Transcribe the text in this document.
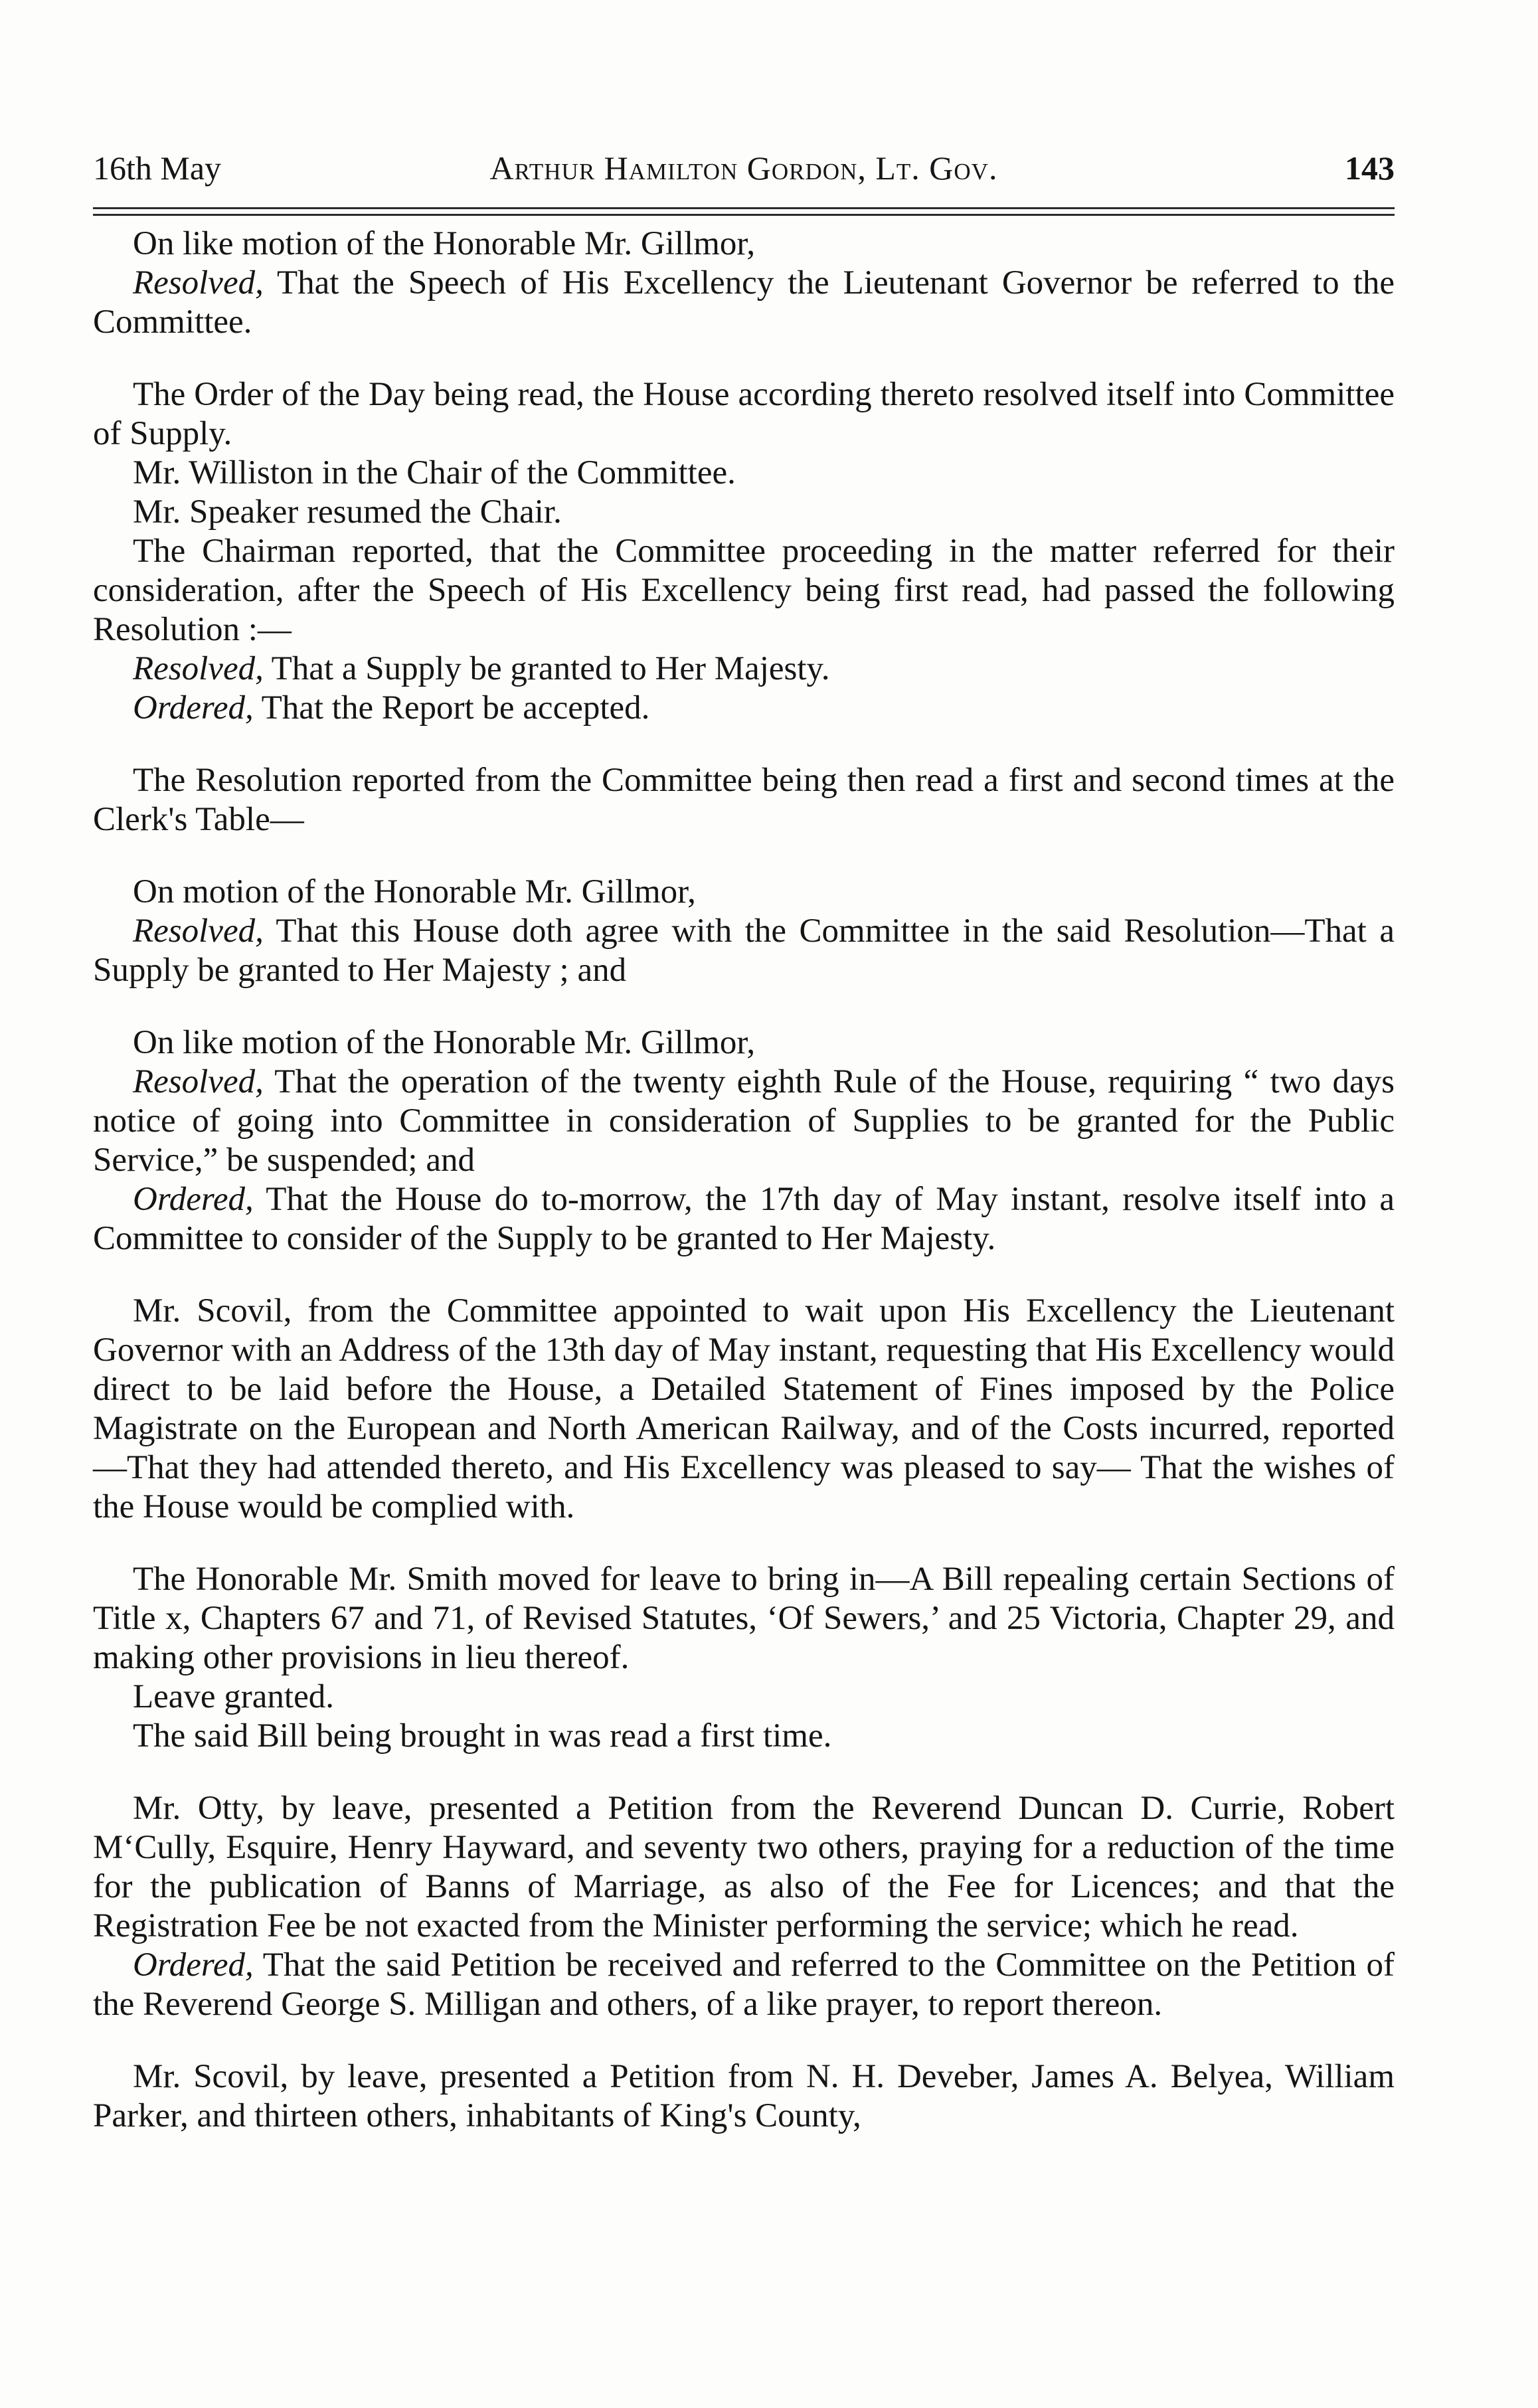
16th May	Arthur Hamilton Gordon, Lt. Gov.	143

On like motion of the Honorable Mr. Gillmor,

Resolved, That the Speech of His Excellency the Lieutenant Governor be referred to the Committee.

The Order of the Day being read, the House according thereto resolved itself into Committee of Supply.

Mr. Williston in the Chair of the Committee.

Mr. Speaker resumed the Chair.

The Chairman reported, that the Committee proceeding in the matter referred for their consideration, after the Speech of His Excellency being first read, had passed the following Resolution :—

Resolved, That a Supply be granted to Her Majesty.

Ordered, That the Report be accepted.

The Resolution reported from the Committee being then read a first and second times at the Clerk's Table—

On motion of the Honorable Mr. Gillmor,

Resolved, That this House doth agree with the Committee in the said Resolution—That a Supply be granted to Her Majesty ; and

On like motion of the Honorable Mr. Gillmor,

Resolved, That the operation of the twenty eighth Rule of the House, requiring “ two days notice of going into Committee in consideration of Supplies to be granted for the Public Service,” be suspended; and

Ordered, That the House do to-morrow, the 17th day of May instant, resolve itself into a Committee to consider of the Supply to be granted to Her Majesty.

Mr. Scovil, from the Committee appointed to wait upon His Excellency the Lieutenant Governor with an Address of the 13th day of May instant, requesting that His Excellency would direct to be laid before the House, a Detailed Statement of Fines imposed by the Police Magistrate on the European and North American Railway, and of the Costs incurred, reported —That they had attended thereto, and His Excellency was pleased to say— That the wishes of the House would be complied with.

The Honorable Mr. Smith moved for leave to bring in—A Bill repealing certain Sections of Title x, Chapters 67 and 71, of Revised Statutes, ‘Of Sewers,’ and 25 Victoria, Chapter 29, and making other provisions in lieu thereof.

Leave granted.

The said Bill being brought in was read a first time.

Mr. Otty, by leave, presented a Petition from the Reverend Duncan D. Currie, Robert M‘Cully, Esquire, Henry Hayward, and seventy two others, praying for a reduction of the time for the publication of Banns of Marriage, as also of the Fee for Licences; and that the Registration Fee be not exacted from the Minister performing the service; which he read.

Ordered, That the said Petition be received and referred to the Committee on the Petition of the Reverend George S. Milligan and others, of a like prayer, to report thereon.

Mr. Scovil, by leave, presented a Petition from N. H. Deveber, James A. Belyea, William Parker, and thirteen others, inhabitants of King's County,
